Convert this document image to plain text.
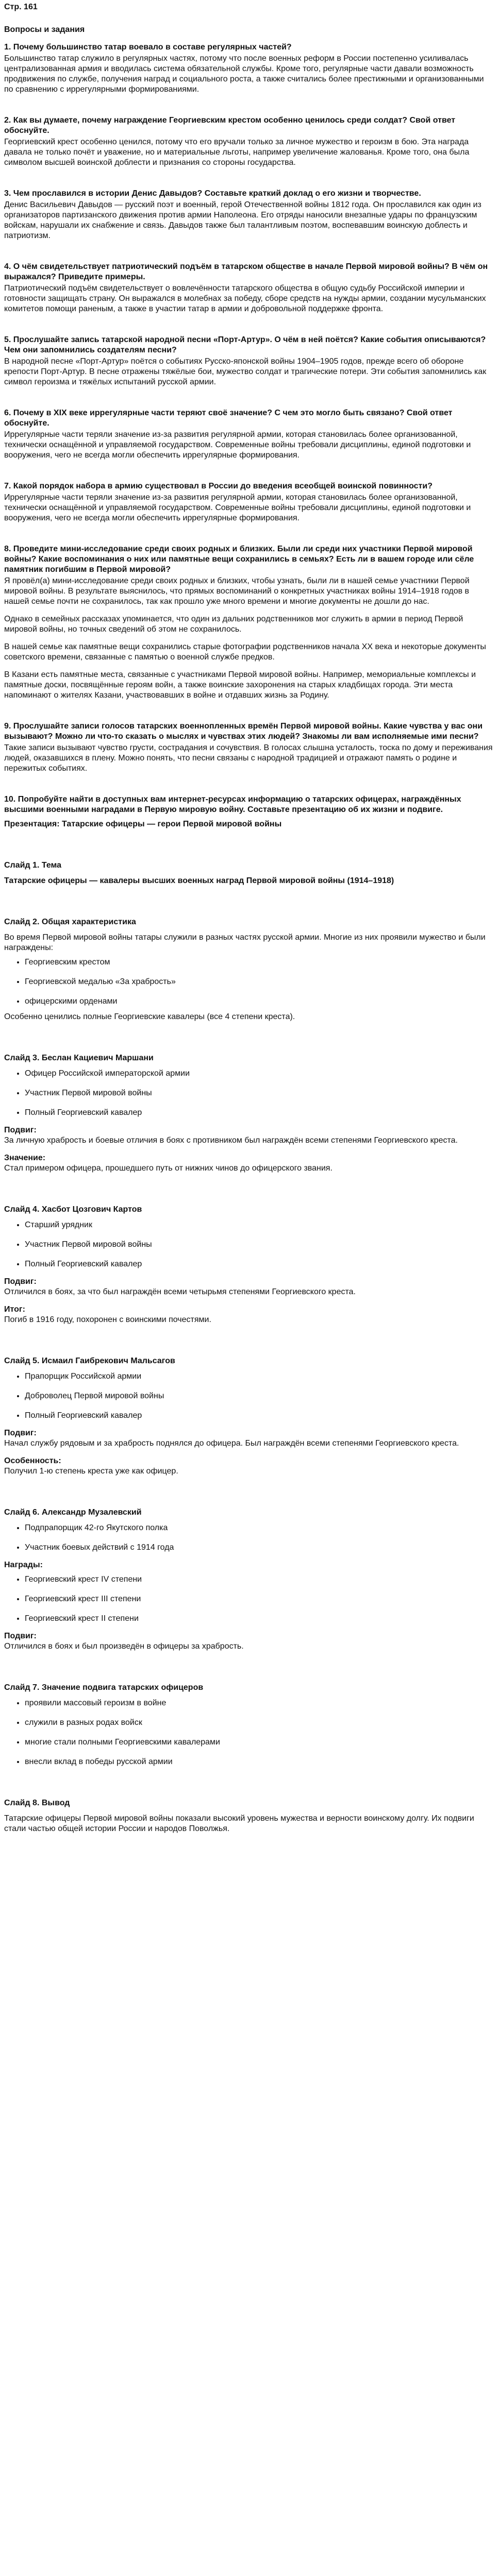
Стр. 161
Вопросы и задания
1. Почему большинство татар воевало в составе регулярных частей?
Большинство татар служило в регулярных частях, потому что после военных реформ в России постепенно усиливалась централизованная армия и вводилась система обязательной службы. Кроме того, регулярные части давали возможность продвижения по службе, получения наград и социального роста, а также считались более престижными и организованными по сравнению с иррегулярными формированиями.
2. Как вы думаете, почему награждение Георгиевским крестом особенно ценилось среди солдат? Свой ответ обоснуйте.
Георгиевский крест особенно ценился, потому что его вручали только за личное мужество и героизм в бою. Эта награда давала не только почёт и уважение, но и материальные льготы, например увеличение жалованья. Кроме того, она была символом высшей воинской доблести и признания со стороны государства.
3. Чем прославился в истории Денис Давыдов? Составьте краткий доклад о его жизни и творчестве.
Денис Васильевич Давыдов — русский поэт и военный, герой Отечественной войны 1812 года. Он прославился как один из организаторов партизанского движения против армии Наполеона. Его отряды наносили внезапные удары по французским войскам, нарушали их снабжение и связь. Давыдов также был талантливым поэтом, воспевавшим воинскую доблесть и патриотизм.
4. О чём свидетельствует патриотический подъём в татарском обществе в начале Первой мировой войны? В чём он выражался? Приведите примеры.
Патриотический подъём свидетельствует о вовлечённости татарского общества в общую судьбу Российской империи и готовности защищать страну. Он выражался в молебнах за победу, сборе средств на нужды армии, создании мусульманских комитетов помощи раненым, а также в участии татар в армии и добровольной поддержке фронта.
5. Прослушайте запись татарской народной песни «Порт-Артур». О чём в ней поётся? Какие события описываются? Чем они запомнились создателям песни?
В народной песне «Порт-Артур» поётся о событиях Русско-японской войны 1904–1905 годов, прежде всего об обороне крепости Порт-Артур. В песне отражены тяжёлые бои, мужество солдат и трагические потери. Эти события запомнились как символ героизма и тяжёлых испытаний русской армии.
6. Почему в XIX веке иррегулярные части теряют своё значение? С чем это могло быть связано? Свой ответ обоснуйте.
Иррегулярные части теряли значение из-за развития регулярной армии, которая становилась более организованной, технически оснащённой и управляемой государством. Современные войны требовали дисциплины, единой подготовки и вооружения, чего не всегда могли обеспечить иррегулярные формирования.
7. Какой порядок набора в армию существовал в России до введения всеобщей воинской повинности?
Иррегулярные части теряли значение из-за развития регулярной армии, которая становилась более организованной, технически оснащённой и управляемой государством. Современные войны требовали дисциплины, единой подготовки и вооружения, чего не всегда могли обеспечить иррегулярные формирования.
8. Проведите мини-исследование среди своих родных и близких. Были ли среди них участники Первой мировой войны? Какие воспоминания о них или памятные вещи сохранились в семьях? Есть ли в вашем городе или сёле памятник погибшим в Первой мировой?
Я провёл(а) мини-исследование среди своих родных и близких, чтобы узнать, были ли в нашей семье участники Первой мировой войны. В результате выяснилось, что прямых воспоминаний о конкретных участниках войны 1914–1918 годов в нашей семье почти не сохранилось, так как прошло уже много времени и многие документы не дошли до нас.
Однако в семейных рассказах упоминается, что один из дальних родственников мог служить в армии в период Первой мировой войны, но точных сведений об этом не сохранилось.
В нашей семье как памятные вещи сохранились старые фотографии родственников начала XX века и некоторые документы советского времени, связанные с памятью о военной службе предков.
В Казани есть памятные места, связанные с участниками Первой мировой войны. Например, мемориальные комплексы и памятные доски, посвящённые героям войн, а также воинские захоронения на старых кладбищах города. Эти места напоминают о жителях Казани, участвовавших в войне и отдавших жизнь за Родину.
9. Прослушайте записи голосов татарских военнопленных времён Первой мировой войны. Какие чувства у вас они вызывают? Можно ли что-то сказать о мыслях и чувствах этих людей? Знакомы ли вам исполняемые ими песни?
Такие записи вызывают чувство грусти, сострадания и сочувствия. В голосах слышна усталость, тоска по дому и переживания людей, оказавшихся в плену. Можно понять, что песни связаны с народной традицией и отражают память о родине и пережитых событиях.
10. Попробуйте найти в доступных вам интернет-ресурсах информацию о татарских офицерах, награждённых высшими военными наградами в Первую мировую войну. Составьте презентацию об их жизни и подвиге.
Презентация: Татарские офицеры — герои Первой мировой войны
Слайд 1. Тема
Татарские офицеры — кавалеры высших военных наград Первой мировой войны (1914–1918)
Слайд 2. Общая характеристика
Во время Первой мировой войны татары служили в разных частях русской армии. Многие из них проявили мужество и были награждены:
• Георгиевским крестом
• Георгиевской медалью «За храбрость»
• офицерскими орденами
Особенно ценились полные Георгиевские кавалеры (все 4 степени креста).
Слайд 3. Беслан Кациевич Маршани
• Офицер Российской императорской армии
• Участник Первой мировой войны
• Полный Георгиевский кавалер
Подвиг:
За личную храбрость и боевые отличия в боях с противником был награждён всеми степенями Георгиевского креста.
Значение:
Стал примером офицера, прошедшего путь от нижних чинов до офицерского звания.
Слайд 4. Хасбот Цозгович Картов
• Старший урядник
• Участник Первой мировой войны
• Полный Георгиевский кавалер
Подвиг:
Отличился в боях, за что был награждён всеми четырьмя степенями Георгиевского креста.
Итог:
Погиб в 1916 году, похоронен с воинскими почестями.
Слайд 5. Исмаил Гаибрекович Мальсагов
• Прапорщик Российской армии
• Доброволец Первой мировой войны
• Полный Георгиевский кавалер
Подвиг:
Начал службу рядовым и за храбрость поднялся до офицера. Был награждён всеми степенями Георгиевского креста.
Особенность:
Получил 1-ю степень креста уже как офицер.
Слайд 6. Александр Музалевский
• Подпрапорщик 42-го Якутского полка
• Участник боевых действий с 1914 года
Награды:
• Георгиевский крест IV степени
• Георгиевский крест III степени
• Георгиевский крест II степени
Подвиг:
Отличился в боях и был произведён в офицеры за храбрость.
Слайд 7. Значение подвига татарских офицеров
• проявили массовый героизм в войне
• служили в разных родах войск
• многие стали полными Георгиевскими кавалерами
• внесли вклад в победы русской армии
Слайд 8. Вывод
Татарские офицеры Первой мировой войны показали высокий уровень мужества и верности воинскому долгу. Их подвиги стали частью общей истории России и народов Поволжья.
